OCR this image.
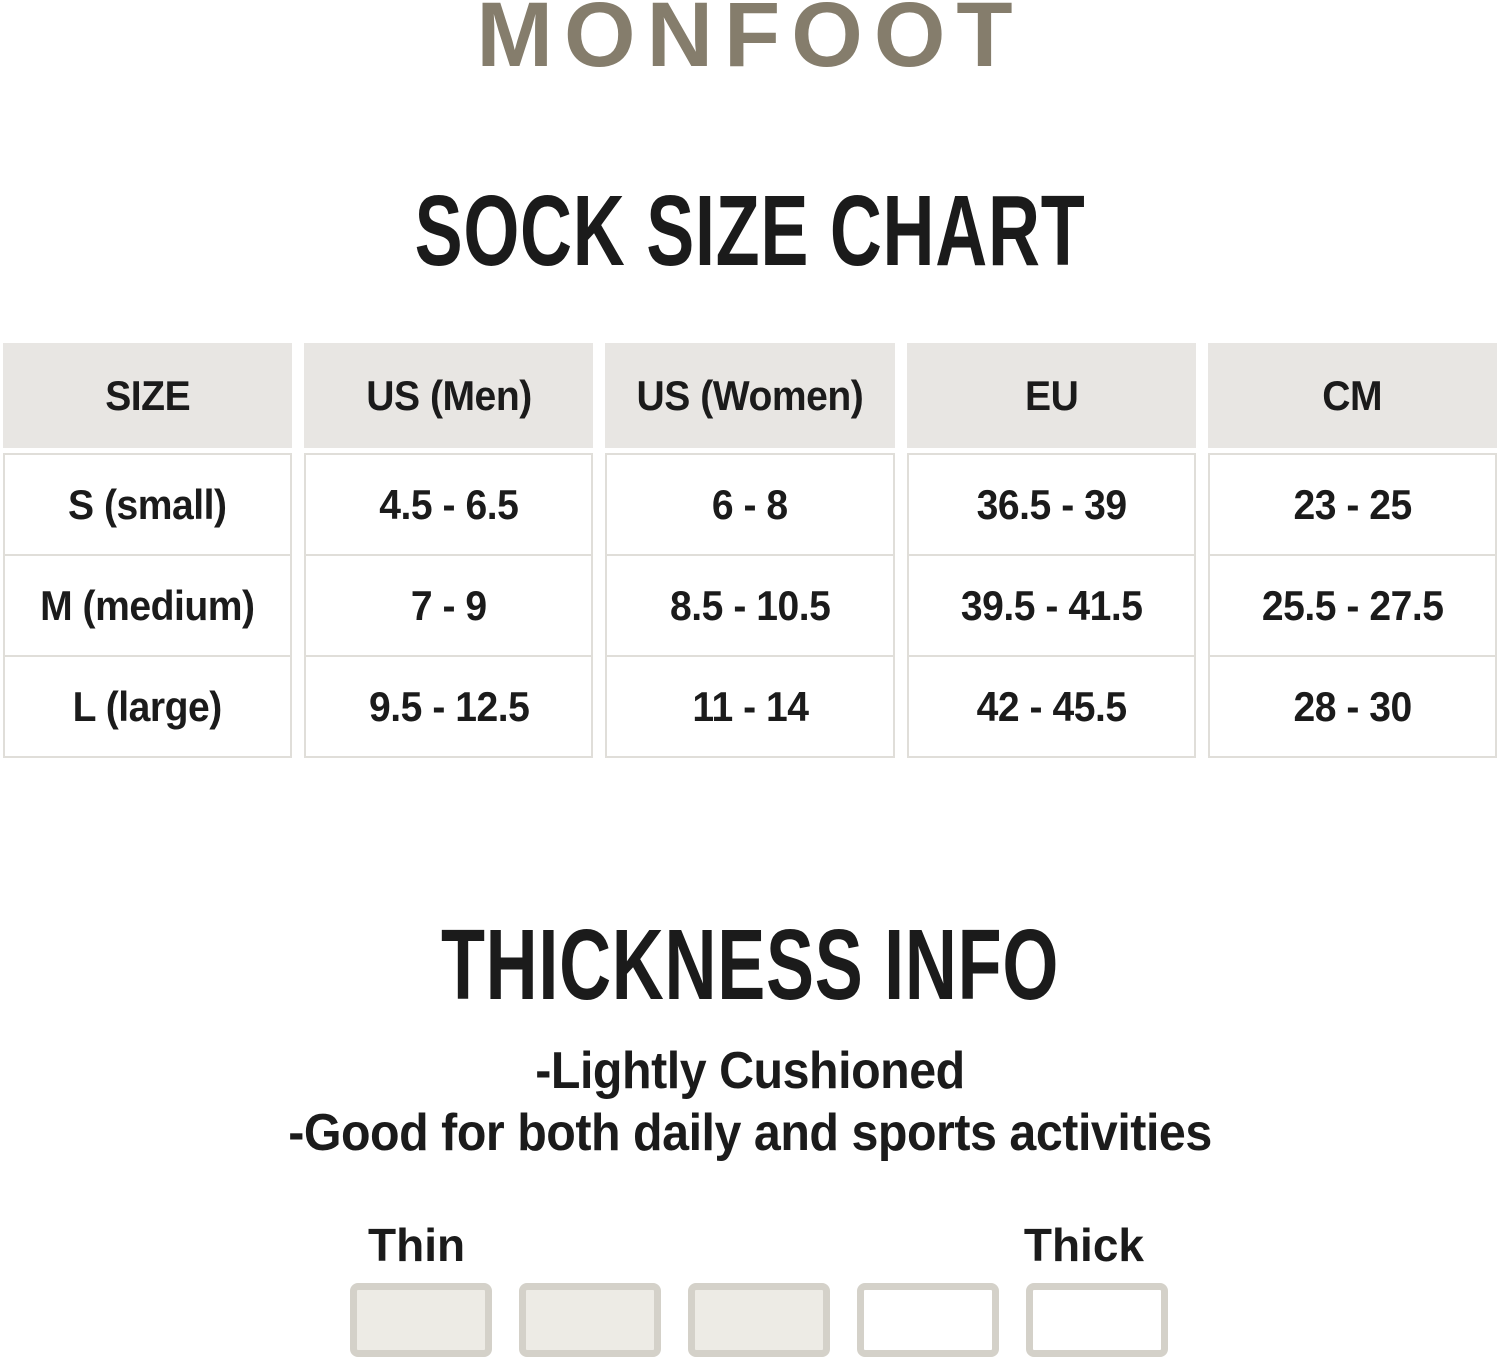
MONFOOT
SOCK SIZE CHART
SIZE
S (small)
M (medium)
L (large)
US (Men)
4.5 - 6.5
7 - 9
9.5 - 12.5
US (Women)
6 - 8
8.5 - 10.5
11 - 14
EU
36.5 - 39
39.5 - 41.5
42 - 45.5
CM
23 - 25
25.5 - 27.5
28 - 30
THICKNESS INFO
-Lightly Cushioned
-Good for both daily and sports activities
Thin	Thick
